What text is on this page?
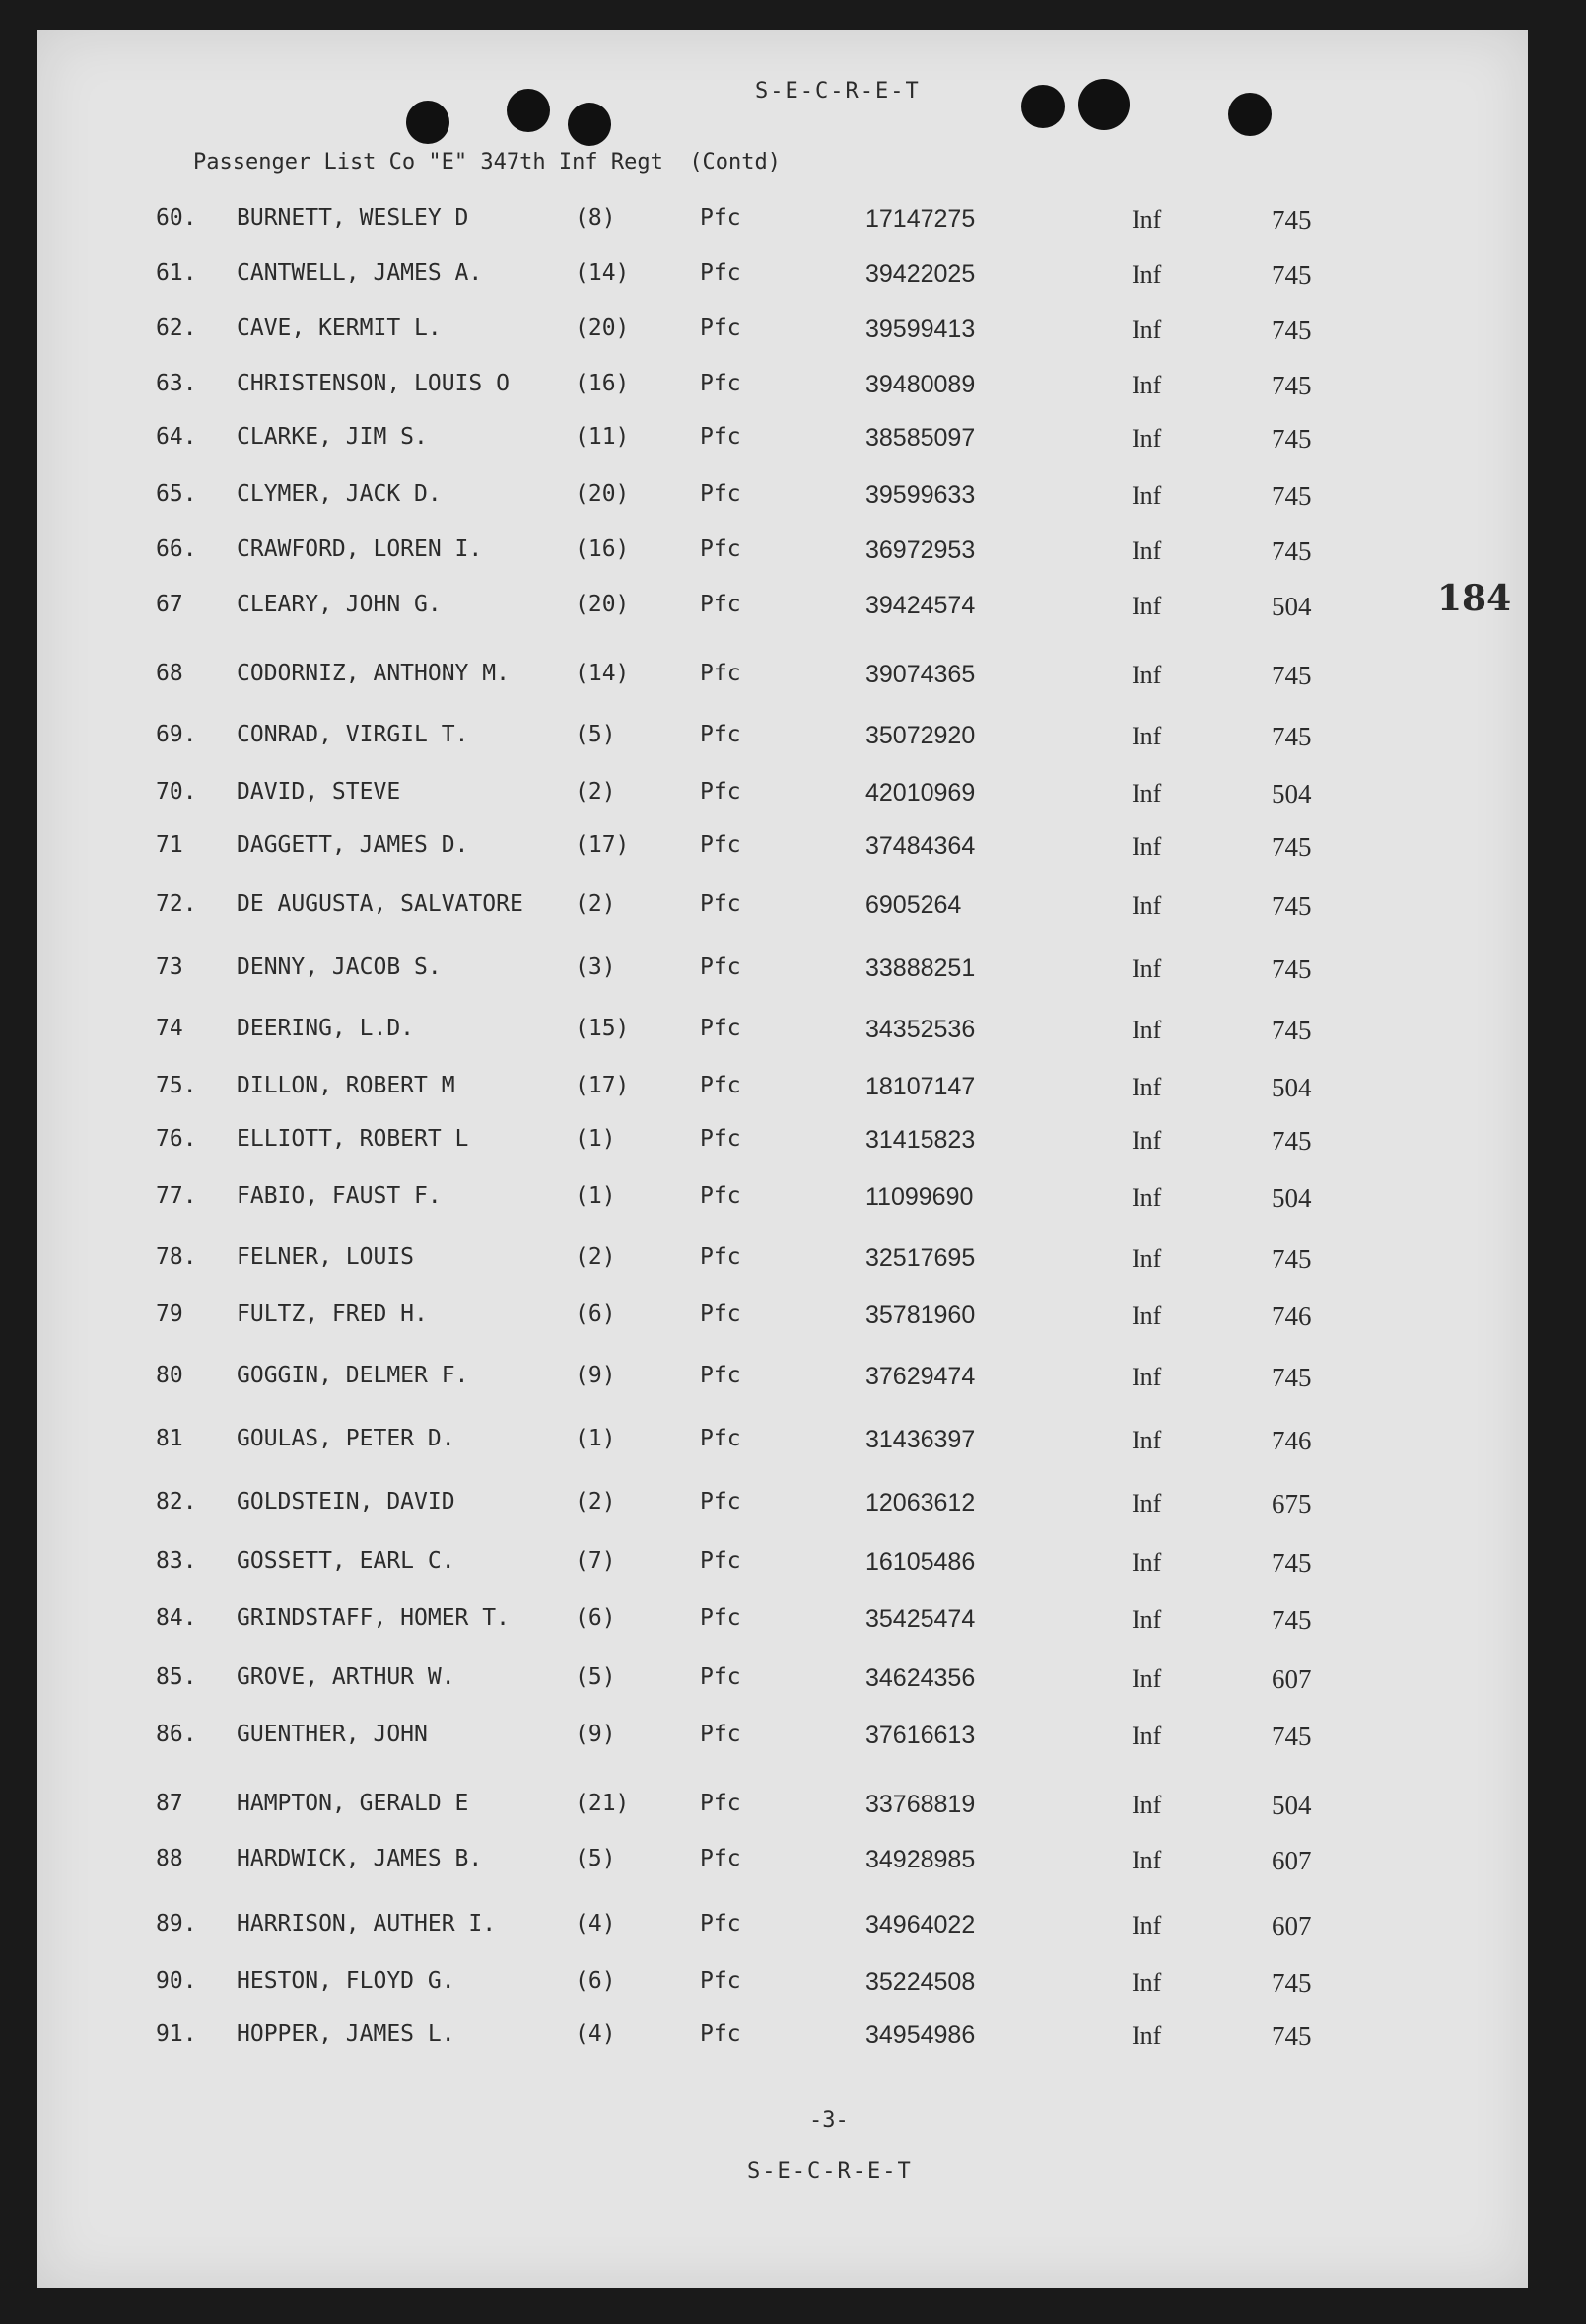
S-E-C-R-E-T
Passenger List Co "E" 347th Inf Regt  (Contd)
184
60. BURNETT, WESLEY D	(8)	Pfc	17147275	Inf	745
61. CANTWELL, JAMES A.	(14)	Pfc	39422025	Inf	745
62. CAVE, KERMIT L.	(20)	Pfc	39599413	Inf	745
63. CHRISTENSON, LOUIS O	(16)	Pfc	39480089	Inf	745
64. CLARKE, JIM S.	(11)	Pfc	38585097	Inf	745
65. CLYMER, JACK D.	(20)	Pfc	39599633	Inf	745
66. CRAWFORD, LOREN I.	(16)	Pfc	36972953	Inf	745
67 CLEARY, JOHN G.	(20)	Pfc	39424574	Inf	504
68 CODORNIZ, ANTHONY M.	(14)	Pfc	39074365	Inf	745
69. CONRAD, VIRGIL T.	(5)	Pfc	35072920	Inf	745
70. DAVID, STEVE	(2)	Pfc	42010969	Inf	504
71 DAGGETT, JAMES D.	(17)	Pfc	37484364	Inf	745
72. DE AUGUSTA, SALVATORE (2)	Pfc	6905264	Inf	745
73 DENNY, JACOB S.	(3)	Pfc	33888251	Inf	745
74 DEERING, L.D.	(15)	Pfc	34352536	Inf	745
75. DILLON, ROBERT M	(17)	Pfc	18107147	Inf	504
76. ELLIOTT, ROBERT L	(1)	Pfc	31415823	Inf	745
77. FABIO, FAUST F.	(1)	Pfc	11099690	Inf	504
78. FELNER, LOUIS	(2)	Pfc	32517695	Inf	745
79 FULTZ, FRED H.	(6)	Pfc	35781960	Inf	746
80 GOGGIN, DELMER F.	(9)	Pfc	37629474	Inf	745
81 GOULAS, PETER D.	(1)	Pfc	31436397	Inf	746
82. GOLDSTEIN, DAVID	(2)	Pfc	12063612	Inf	675
83. GOSSETT, EARL C.	(7)	Pfc	16105486	Inf	745
84. GRINDSTAFF, HOMER T.	(6)	Pfc	35425474	Inf	745
85. GROVE, ARTHUR W.	(5)	Pfc	34624356	Inf	607
86. GUENTHER, JOHN	(9)	Pfc	37616613	Inf	745
87 HAMPTON, GERALD E	(21)	Pfc	33768819	Inf	504
88 HARDWICK, JAMES B.	(5)	Pfc	34928985	Inf	607
89. HARRISON, AUTHER I.	(4)	Pfc	34964022	Inf	607
90. HESTON, FLOYD G.	(6)	Pfc	35224508	Inf	745
91. HOPPER, JAMES L.	(4)	Pfc	34954986	Inf	745
-3-
S-E-C-R-E-T
